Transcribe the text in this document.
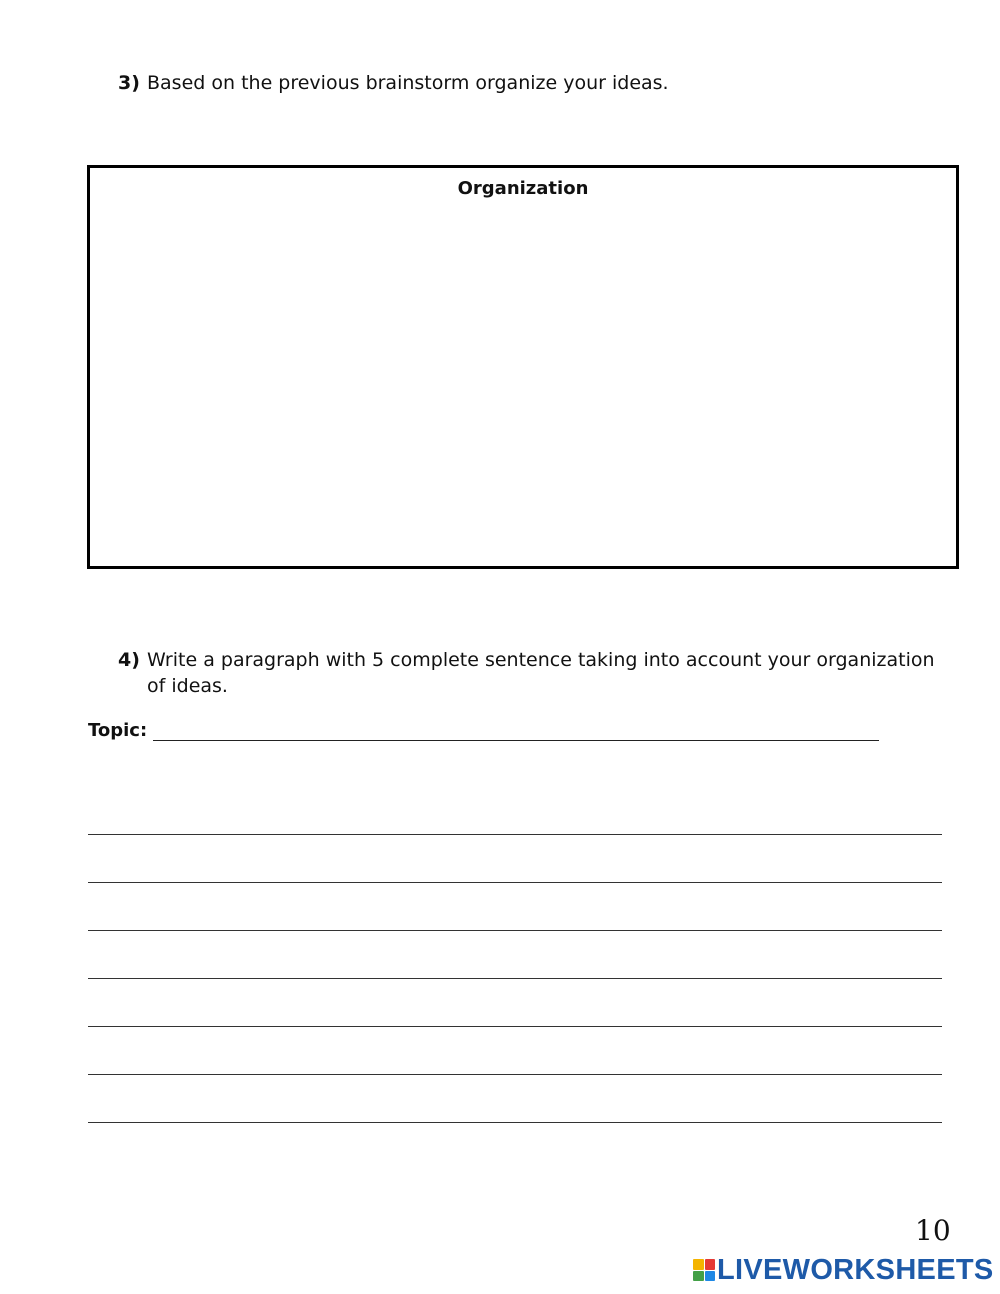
3) Based on the previous brainstorm organize your ideas.
Organization
4) Write a paragraph with 5 complete sentence taking into account your organization of ideas.
Topic:
10
LIVEWORKSHEETS
